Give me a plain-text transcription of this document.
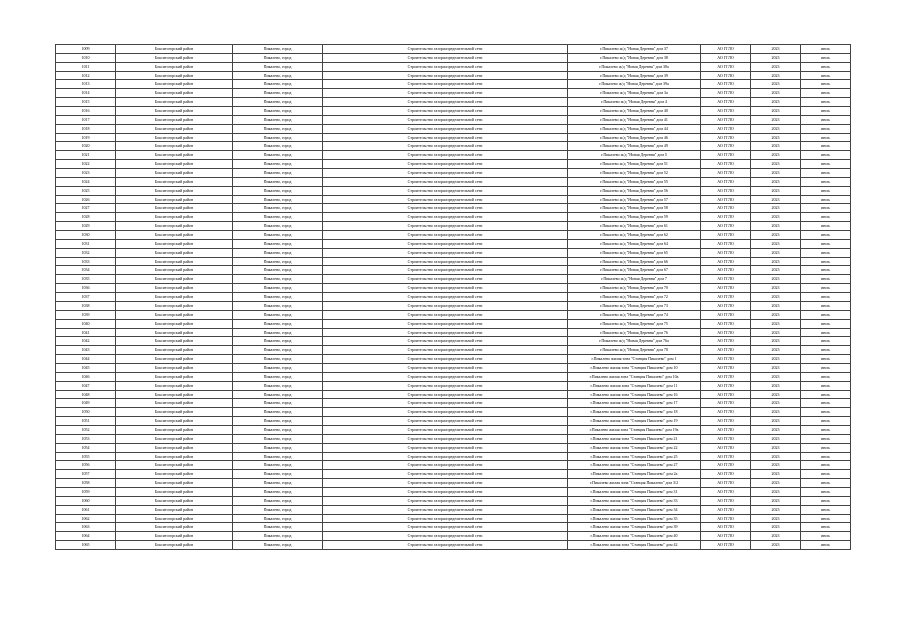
1009	Бокситогорский район	Пикалево, город	Строительство газораспределительной сети	г.Пикалево ж/д "Новая Деревня" дом 37	АО ГГЛО	2023	июль
1010	Бокситогорский район	Пикалево, город	Строительство газораспределительной сети	г.Пикалево ж/д "Новая Деревня" дом 38	АО ГГЛО	2023	июль
1011	Бокситогорский район	Пикалево, город	Строительство газораспределительной сети	г.Пикалево ж/д "Новая Деревня" дом 38а	АО ГГЛО	2023	июль
1012	Бокситогорский район	Пикалево, город	Строительство газораспределительной сети	г.Пикалево ж/д "Новая Деревня" дом 39	АО ГГЛО	2023	июль
1013	Бокситогорский район	Пикалево, город	Строительство газораспределительной сети	г.Пикалево ж/д "Новая Деревня" дом 39а	АО ГГЛО	2023	июль
1014	Бокситогорский район	Пикалево, город	Строительство газораспределительной сети	г.Пикалево ж/д "Новая Деревня" дом 3а	АО ГГЛО	2023	июль
1015	Бокситогорский район	Пикалево, город	Строительство газораспределительной сети	г.Пикалево ж/д "Новая Деревня" дом 4	АО ГГЛО	2023	июль
1016	Бокситогорский район	Пикалево, город	Строительство газораспределительной сети	г.Пикалево ж/д "Новая Деревня" дом 40	АО ГГЛО	2023	июль
1017	Бокситогорский район	Пикалево, город	Строительство газораспределительной сети	г.Пикалево ж/д "Новая Деревня" дом 41	АО ГГЛО	2023	июль
1018	Бокситогорский район	Пикалево, город	Строительство газораспределительной сети	г.Пикалево ж/д "Новая Деревня" дом 44	АО ГГЛО	2023	июль
1019	Бокситогорский район	Пикалево, город	Строительство газораспределительной сети	г.Пикалево ж/д "Новая Деревня" дом 46	АО ГГЛО	2023	июль
1020	Бокситогорский район	Пикалево, город	Строительство газораспределительной сети	г.Пикалево ж/д "Новая Деревня" дом 49	АО ГГЛО	2023	июль
1021	Бокситогорский район	Пикалево, город	Строительство газораспределительной сети	г.Пикалево ж/д "Новая Деревня" дом 5	АО ГГЛО	2023	июль
1022	Бокситогорский район	Пикалево, город	Строительство газораспределительной сети	г.Пикалево ж/д "Новая Деревня" дом 51	АО ГГЛО	2023	июль
1023	Бокситогорский район	Пикалево, город	Строительство газораспределительной сети	г.Пикалево ж/д "Новая Деревня" дом 52	АО ГГЛО	2023	июль
1024	Бокситогорский район	Пикалево, город	Строительство газораспределительной сети	г.Пикалево ж/д "Новая Деревня" дом 55	АО ГГЛО	2023	июль
1025	Бокситогорский район	Пикалево, город	Строительство газораспределительной сети	г.Пикалево ж/д "Новая Деревня" дом 56	АО ГГЛО	2023	июль
1026	Бокситогорский район	Пикалево, город	Строительство газораспределительной сети	г.Пикалево ж/д "Новая Деревня" дом 57	АО ГГЛО	2023	июль
1027	Бокситогорский район	Пикалево, город	Строительство газораспределительной сети	г.Пикалево ж/д "Новая Деревня" дом 58	АО ГГЛО	2023	июль
1028	Бокситогорский район	Пикалево, город	Строительство газораспределительной сети	г.Пикалево ж/д "Новая Деревня" дом 59	АО ГГЛО	2023	июль
1029	Бокситогорский район	Пикалево, город	Строительство газораспределительной сети	г.Пикалево ж/д "Новая Деревня" дом 61	АО ГГЛО	2023	июль
1030	Бокситогорский район	Пикалево, город	Строительство газораспределительной сети	г.Пикалево ж/д "Новая Деревня" дом 62	АО ГГЛО	2023	июль
1031	Бокситогорский район	Пикалево, город	Строительство газораспределительной сети	г.Пикалево ж/д "Новая Деревня" дом 64	АО ГГЛО	2023	июль
1032	Бокситогорский район	Пикалево, город	Строительство газораспределительной сети	г.Пикалево ж/д "Новая Деревня" дом 65	АО ГГЛО	2023	июль
1033	Бокситогорский район	Пикалево, город	Строительство газораспределительной сети	г.Пикалево ж/д "Новая Деревня" дом 66	АО ГГЛО	2023	июль
1034	Бокситогорский район	Пикалево, город	Строительство газораспределительной сети	г.Пикалево ж/д "Новая Деревня" дом 67	АО ГГЛО	2023	июль
1035	Бокситогорский район	Пикалево, город	Строительство газораспределительной сети	г.Пикалево ж/д "Новая Деревня" дом 7	АО ГГЛО	2023	июль
1036	Бокситогорский район	Пикалево, город	Строительство газораспределительной сети	г.Пикалево ж/д "Новая Деревня" дом 70	АО ГГЛО	2023	июль
1037	Бокситогорский район	Пикалево, город	Строительство газораспределительной сети	г.Пикалево ж/д "Новая Деревня" дом 72	АО ГГЛО	2023	июль
1038	Бокситогорский район	Пикалево, город	Строительство газораспределительной сети	г.Пикалево ж/д "Новая Деревня" дом 73	АО ГГЛО	2023	июль
1039	Бокситогорский район	Пикалево, город	Строительство газораспределительной сети	г.Пикалево ж/д "Новая Деревня" дом 74	АО ГГЛО	2023	июль
1040	Бокситогорский район	Пикалево, город	Строительство газораспределительной сети	г.Пикалево ж/д "Новая Деревня" дом 75	АО ГГЛО	2023	июль
1041	Бокситогорский район	Пикалево, город	Строительство газораспределительной сети	г.Пикалево ж/д "Новая Деревня" дом 76	АО ГГЛО	2023	июль
1042	Бокситогорский район	Пикалево, город	Строительство газораспределительной сети	г.Пикалево ж/д "Новая Деревня" дом 76а	АО ГГЛО	2023	июль
1043	Бокситогорский район	Пикалево, город	Строительство газораспределительной сети	г.Пикалево ж/д "Новая Деревня" дом 78	АО ГГЛО	2023	июль
1044	Бокситогорский район	Пикалево, город	Строительство газораспределительной сети	г.Пикалево жилая зона "Станция Пикалево" дом 1	АО ГГЛО	2023	июль
1045	Бокситогорский район	Пикалево, город	Строительство газораспределительной сети	г.Пикалево жилая зона "Станция Пикалево" дом 10	АО ГГЛО	2023	июль
1046	Бокситогорский район	Пикалево, город	Строительство газораспределительной сети	г.Пикалево жилая зона "Станция Пикалево" дом 10а	АО ГГЛО	2023	июль
1047	Бокситогорский район	Пикалево, город	Строительство газораспределительной сети	г.Пикалево жилая зона "Станция Пикалево" дом 11	АО ГГЛО	2023	июль
1048	Бокситогорский район	Пикалево, город	Строительство газораспределительной сети	г.Пикалево жилая зона "Станция Пикалево" дом 16	АО ГГЛО	2023	июль
1049	Бокситогорский район	Пикалево, город	Строительство газораспределительной сети	г.Пикалево жилая зона "Станция Пикалево" дом 17	АО ГГЛО	2023	июль
1050	Бокситогорский район	Пикалево, город	Строительство газораспределительной сети	г.Пикалево жилая зона "Станция Пикалево" дом 18	АО ГГЛО	2023	июль
1051	Бокситогорский район	Пикалево, город	Строительство газораспределительной сети	г.Пикалево жилая зона "Станция Пикалево" дом 19	АО ГГЛО	2023	июль
1052	Бокситогорский район	Пикалево, город	Строительство газораспределительной сети	г.Пикалево жилая зона "Станция Пикалево" дом 19а	АО ГГЛО	2023	июль
1053	Бокситогорский район	Пикалево, город	Строительство газораспределительной сети	г.Пикалево жилая зона "Станция Пикалево" дом 21	АО ГГЛО	2023	июль
1054	Бокситогорский район	Пикалево, город	Строительство газораспределительной сети	г.Пикалево жилая зона "Станция Пикалево" дом 22	АО ГГЛО	2023	июль
1055	Бокситогорский район	Пикалево, город	Строительство газораспределительной сети	г.Пикалево жилая зона "Станция Пикалево" дом 25	АО ГГЛО	2023	июль
1056	Бокситогорский район	Пикалево, город	Строительство газораспределительной сети	г.Пикалево жилая зона "Станция Пикалево" дом 27	АО ГГЛО	2023	июль
1057	Бокситогорский район	Пикалево, город	Строительство газораспределительной сети	г.Пикалево жилая зона "Станция Пикалево" дом 2а	АО ГГЛО	2023	июль
1058	Бокситогорский район	Пикалево, город	Строительство газораспределительной сети	г.Пикалево жилая зона "Станция Пикалево" дом 3/2	АО ГГЛО	2023	июль
1059	Бокситогорский район	Пикалево, город	Строительство газораспределительной сети	г.Пикалево жилая зона "Станция Пикалево" дом 31	АО ГГЛО	2023	июль
1060	Бокситогорский район	Пикалево, город	Строительство газораспределительной сети	г.Пикалево жилая зона "Станция Пикалево" дом 33	АО ГГЛО	2023	июль
1061	Бокситогорский район	Пикалево, город	Строительство газораспределительной сети	г.Пикалево жилая зона "Станция Пикалево" дом 34	АО ГГЛО	2023	июль
1062	Бокситогорский район	Пикалево, город	Строительство газораспределительной сети	г.Пикалево жилая зона "Станция Пикалево" дом 35	АО ГГЛО	2023	июль
1063	Бокситогорский район	Пикалево, город	Строительство газораспределительной сети	г.Пикалево жилая зона "Станция Пикалево" дом 39	АО ГГЛО	2023	июль
1064	Бокситогорский район	Пикалево, город	Строительство газораспределительной сети	г.Пикалево жилая зона "Станция Пикалево" дом 40	АО ГГЛО	2023	июль
1065	Бокситогорский район	Пикалево, город	Строительство газораспределительной сети	г.Пикалево жилая зона "Станция Пикалево" дом 42	АО ГГЛО	2023	июль
